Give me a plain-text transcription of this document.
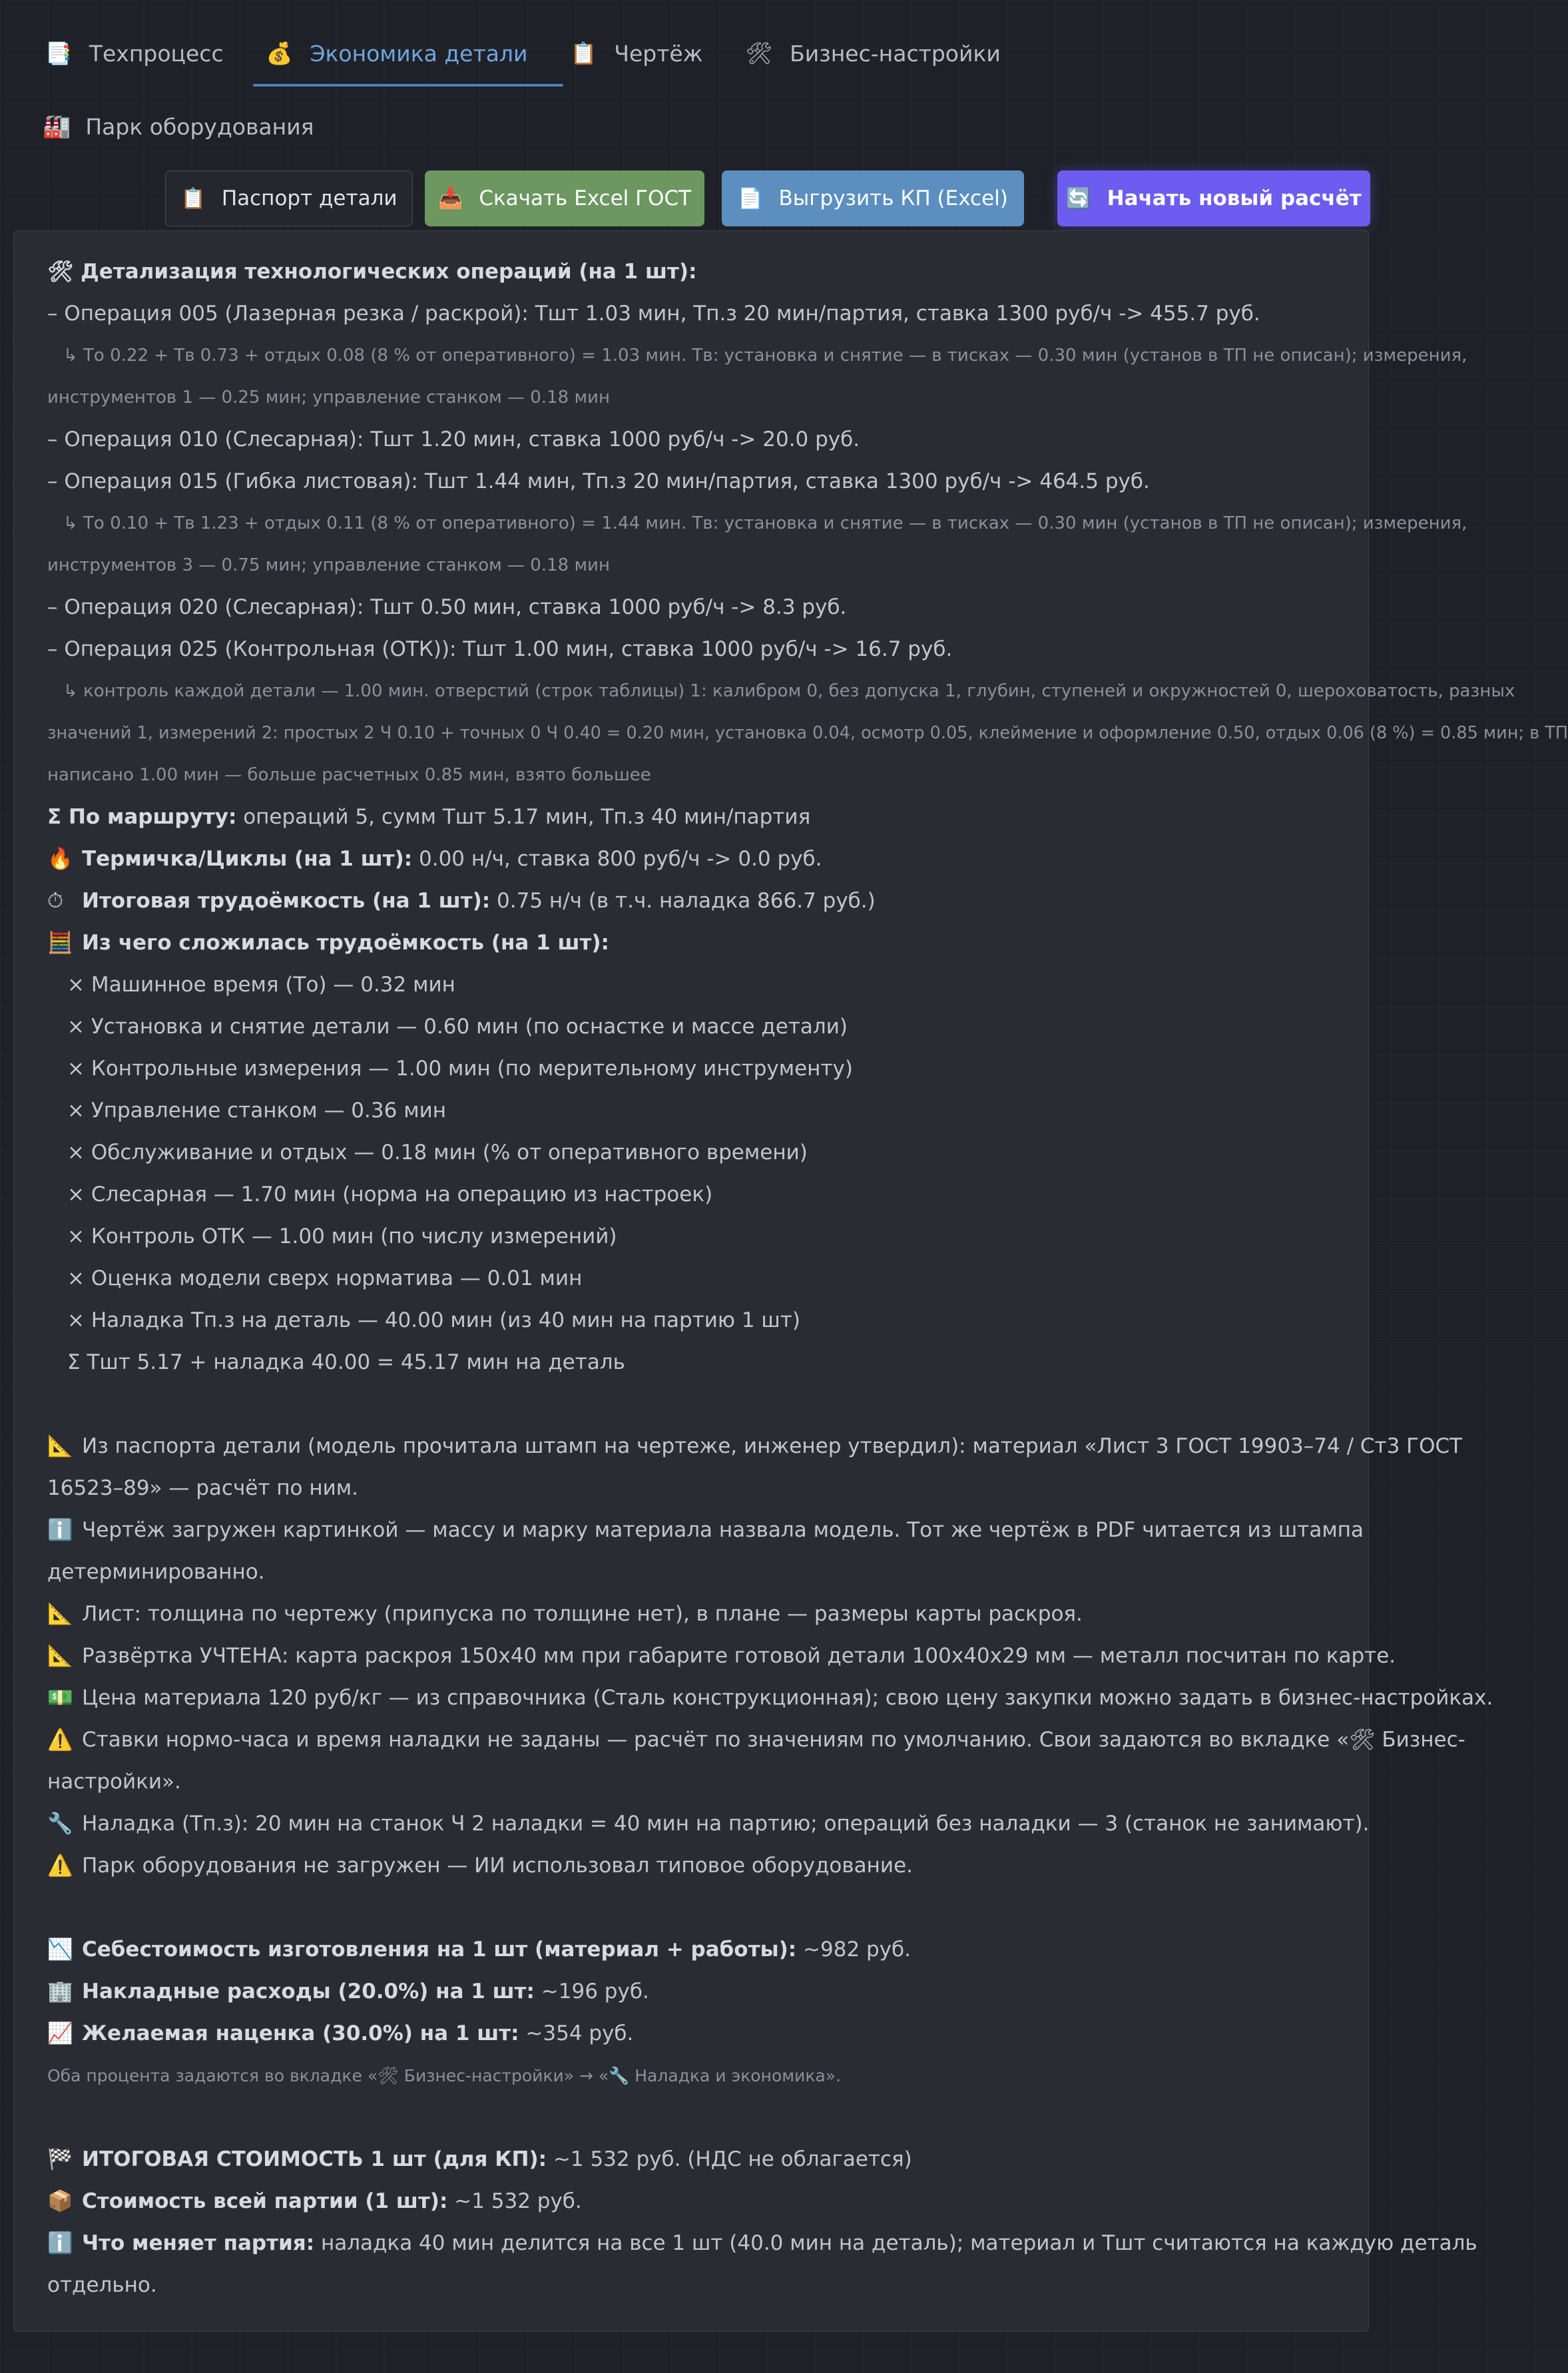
📑 Техпроцесс 💰 Экономика детали 📋 Чертёж 🛠 Бизнес-настройки
🏭 Парк оборудования
📋 Паспорт детали 📥 Скачать Excel ГОСТ 📄 Выгрузить КП (Excel)	🔄 Начать новый расчёт
🛠 Детализация технологических операций (на 1 шт):
– Операция 005 (Лазерная резка / раскрой): Тшт 1.03 мин, Тп.з 20 мин/партия, ставка 1300 руб/ч -> 455.7 руб.
↳ То 0.22 + Тв 0.73 + отдых 0.08 (8 % от оперативного) = 1.03 мин. Тв: установка и снятие — в тисках — 0.30 мин (установ в ТП не описан); измерения,
инструментов 1 — 0.25 мин; управление станком — 0.18 мин
– Операция 010 (Слесарная): Тшт 1.20 мин, ставка 1000 руб/ч -> 20.0 руб.
– Операция 015 (Гибка листовая): Тшт 1.44 мин, Тп.з 20 мин/партия, ставка 1300 руб/ч -> 464.5 руб.
↳ То 0.10 + Тв 1.23 + отдых 0.11 (8 % от оперативного) = 1.44 мин. Тв: установка и снятие — в тисках — 0.30 мин (установ в ТП не описан); измерения,
инструментов 3 — 0.75 мин; управление станком — 0.18 мин
– Операция 020 (Слесарная): Тшт 0.50 мин, ставка 1000 руб/ч -> 8.3 руб.
– Операция 025 (Контрольная (ОТК)): Тшт 1.00 мин, ставка 1000 руб/ч -> 16.7 руб.
↳ контроль каждой детали — 1.00 мин. отверстий (строк таблицы) 1: калибром 0, без допуска 1, глубин, ступеней и окружностей 0, шероховатость, разных
значений 1, измерений 2: простых 2 Ч 0.10 + точных 0 Ч 0.40 = 0.20 мин, установка 0.04, осмотр 0.05, клеймение и оформление 0.50, отдых 0.06 (8 %) = 0.85 мин; в ТП
написано 1.00 мин — больше расчетных 0.85 мин, взято большее
Σ По маршруту: операций 5, сумм Тшт 5.17 мин, Тп.з 40 мин/партия
🔥 Термичка/Циклы (на 1 шт): 0.00 н/ч, ставка 800 руб/ч -> 0.0 руб.
⏱ Итоговая трудоёмкость (на 1 шт): 0.75 н/ч (в т.ч. наладка 866.7 руб.)
🧮 Из чего сложилась трудоёмкость (на 1 шт):
× Машинное время (То) — 0.32 мин
× Установка и снятие детали — 0.60 мин (по оснастке и массе детали)
× Контрольные измерения — 1.00 мин (по мерительному инструменту)
× Управление станком — 0.36 мин
× Обслуживание и отдых — 0.18 мин (% от оперативного времени)
× Слесарная — 1.70 мин (норма на операцию из настроек)
× Контроль ОТК — 1.00 мин (по числу измерений)
× Оценка модели сверх норматива — 0.01 мин
× Наладка Тп.з на деталь — 40.00 мин (из 40 мин на партию 1 шт)
Σ Тшт 5.17 + наладка 40.00 = 45.17 мин на деталь
📐 Из паспорта детали (модель прочитала штамп на чертеже, инженер утвердил): материал «Лист 3 ГОСТ 19903–74 / Ст3 ГОСТ
16523–89» — расчёт по ним.
ℹ️ Чертёж загружен картинкой — массу и марку материала назвала модель. Тот же чертёж в PDF читается из штампа
детерминированно.
📐 Лист: толщина по чертежу (припуска по толщине нет), в плане — размеры карты раскроя.
📐 Развёртка УЧТЕНА: карта раскроя 150x40 мм при габарите готовой детали 100x40x29 мм — металл посчитан по карте.
💵 Цена материала 120 руб/кг — из справочника (Сталь конструкционная); свою цену закупки можно задать в бизнес-настройках.
⚠️ Ставки нормо-часа и время наладки не заданы — расчёт по значениям по умолчанию. Свои задаются во вкладке «🛠 Бизнес-
настройки».
🔧 Наладка (Тп.з): 20 мин на станок Ч 2 наладки = 40 мин на партию; операций без наладки — 3 (станок не занимают).
⚠️ Парк оборудования не загружен — ИИ использовал типовое оборудование.
📉 Себестоимость изготовления на 1 шт (материал + работы): ~982 руб.
🏢 Накладные расходы (20.0%) на 1 шт: ~196 руб.
📈 Желаемая наценка (30.0%) на 1 шт: ~354 руб.
Оба процента задаются во вкладке «🛠 Бизнес-настройки» → «🔧 Наладка и экономика».
🏁 ИТОГОВАЯ СТОИМОСТЬ 1 шт (для КП): ~1 532 руб. (НДС не облагается)
📦 Стоимость всей партии (1 шт): ~1 532 руб.
ℹ️ Что меняет партия: наладка 40 мин делится на все 1 шт (40.0 мин на деталь); материал и Тшт считаются на каждую деталь
отдельно.
